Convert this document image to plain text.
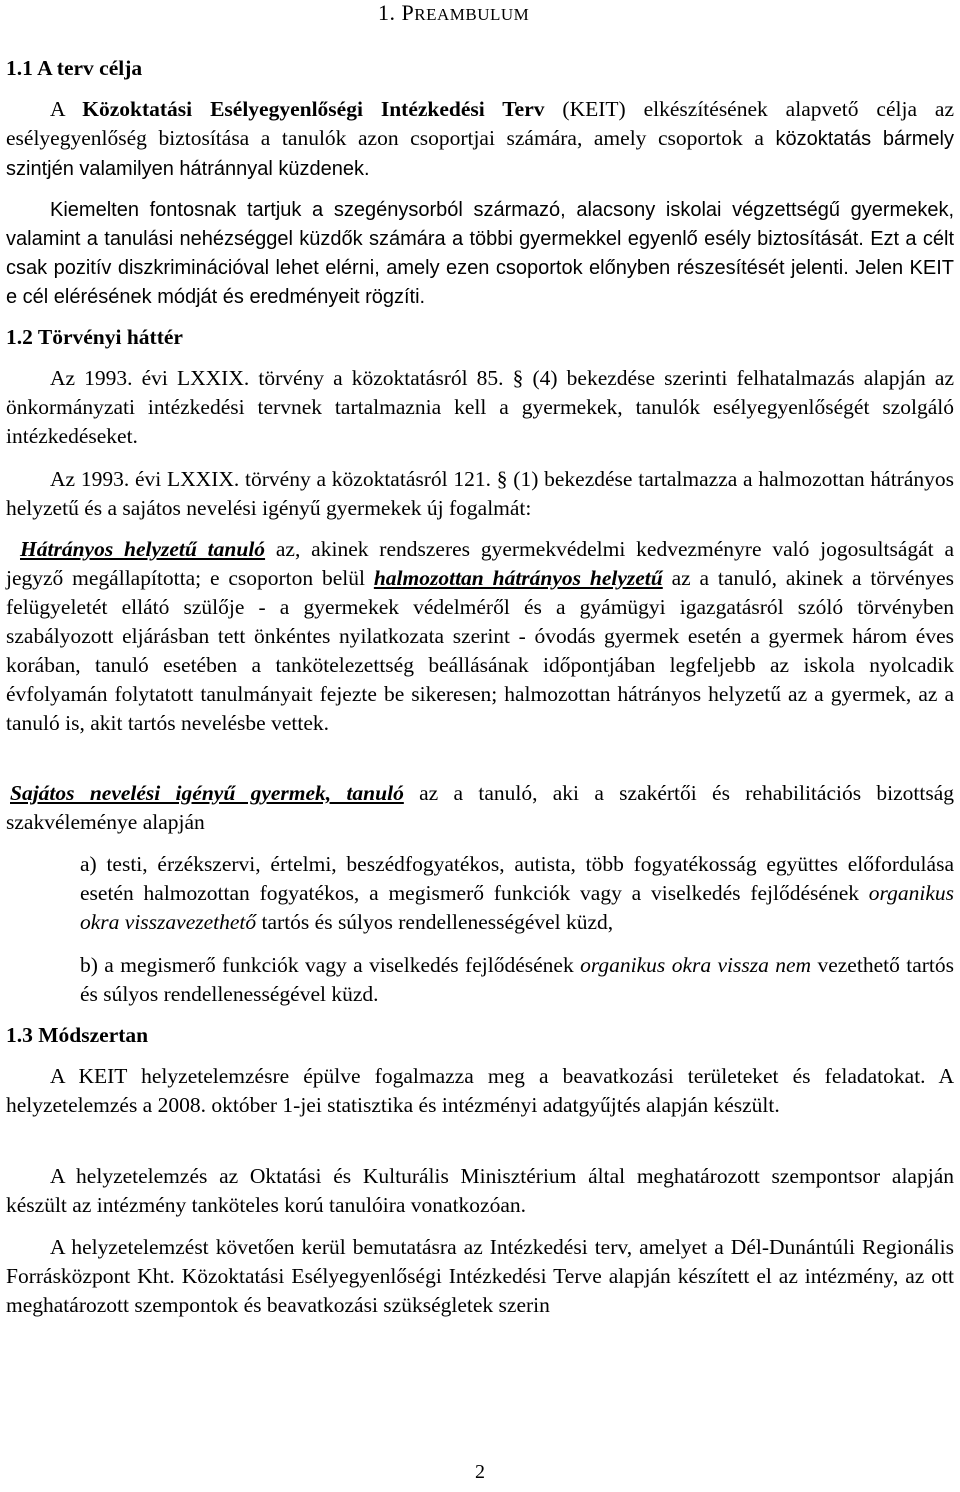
1. PREAMBULUM
1.1 A terv célja
A Közoktatási Esélyegyenlőségi Intézkedési Terv (KEIT) elkészítésének alapvető célja az esélyegyenlőség biztosítása a tanulók azon csoportjai számára, amely csoportok a közoktatás bármely szintjén valamilyen hátránnyal küzdenek.
Kiemelten fontosnak tartjuk a szegénysorból származó, alacsony iskolai végzettségű gyermekek, valamint a tanulási nehézséggel küzdők számára a többi gyermekkel egyenlő esély biztosítását. Ezt a célt csak pozitív diszkriminációval lehet elérni, amely ezen csoportok előnyben részesítését jelenti. Jelen KEIT e cél elérésének módját és eredményeit rögzíti.
1.2 Törvényi háttér
Az 1993. évi LXXIX. törvény a közoktatásról 85. § (4) bekezdése szerinti felhatalmazás alapján az önkormányzati intézkedési tervnek tartalmaznia kell a gyermekek, tanulók esélyegyenlőségét szolgáló intézkedéseket.
Az 1993. évi LXXIX. törvény a közoktatásról 121. § (1) bekezdése tartalmazza a halmozottan hátrányos helyzetű és a sajátos nevelési igényű gyermekek új fogalmát:
Hátrányos helyzetű tanuló az, akinek rendszeres gyermekvédelmi kedvezményre való jogosultságát a jegyző megállapította; e csoporton belül halmozottan hátrányos helyzetű az a tanuló, akinek a törvényes felügyeletét ellátó szülője - a gyermekek védelméről és a gyámügyi igazgatásról szóló törvényben szabályozott eljárásban tett önkéntes nyilatkozata szerint - óvodás gyermek esetén a gyermek három éves korában, tanuló esetében a tankötelezettség beállásának időpontjában legfeljebb az iskola nyolcadik évfolyamán folytatott tanulmányait fejezte be sikeresen; halmozottan hátrányos helyzetű az a gyermek, az a tanuló is, akit tartós nevelésbe vettek.
Sajátos nevelési igényű gyermek, tanuló az a tanuló, aki a szakértői és rehabilitációs bizottság szakvéleménye alapján
a) testi, érzékszervi, értelmi, beszédfogyatékos, autista, több fogyatékosság együttes előfordulása esetén halmozottan fogyatékos, a megismerő funkciók vagy a viselkedés fejlődésének organikus okra visszavezethető tartós és súlyos rendellenességével küzd,
b) a megismerő funkciók vagy a viselkedés fejlődésének organikus okra vissza nem vezethető tartós és súlyos rendellenességével küzd.
1.3 Módszertan
A KEIT helyzetelemzésre épülve fogalmazza meg a beavatkozási területeket és feladatokat. A helyzetelemzés a 2008. október 1-jei statisztika és intézményi adatgyűjtés alapján készült.
A helyzetelemzés az Oktatási és Kulturális Minisztérium által meghatározott szempontsor alapján készült az intézmény tanköteles korú tanulóira vonatkozóan.
A helyzetelemzést követően kerül bemutatásra az Intézkedési terv, amelyet a Dél-Dunántúli Regionális Forrásközpont Kht. Közoktatási Esélyegyenlőségi Intézkedési Terve alapján készített el az intézmény, az ott meghatározott szempontok és beavatkozási szükségletek szerin
2
